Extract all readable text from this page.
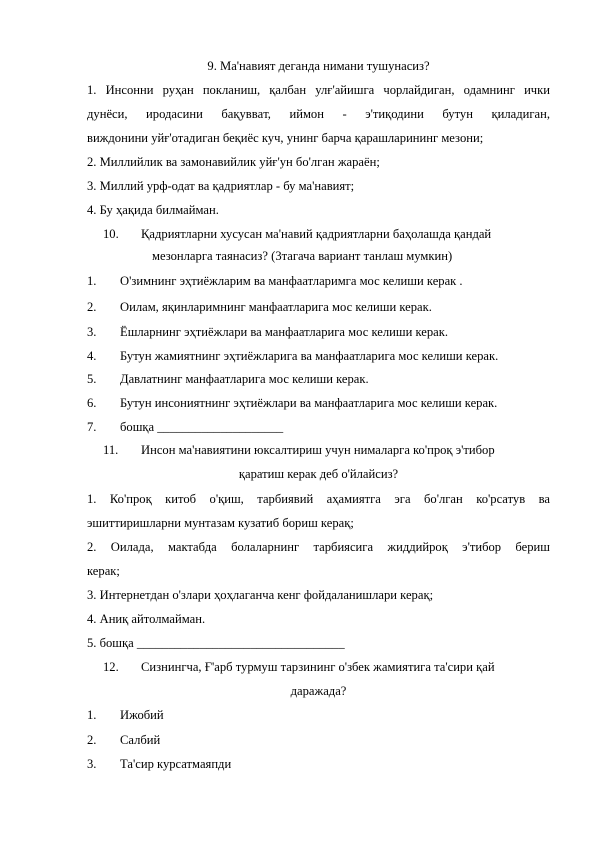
9. Ма'навият деганда нимани тушунасиз?
1. Инсонни руҳан покланиш, қалбан улғ'айишга чорлайдиган, одамнинг ички
дунёси, иродасини бақуввaт, иймон - э'тиқодини бутун қиладиган,
виждонини уйғ'отадиган беқиёс куч, унинг барча қарашларининг мезони;
2. Миллийлик ва замонавийлик уйғ'ун бо'лган жараён;
3. Миллий урф-одат ва қадриятлар - бу ма'навият;
4. Бу ҳақида билмайман.
10. Қадриятларни хусусан ма'навий қадриятларни баҳолашда қандай
мезонларга таянасиз? (3тагача вариант танлаш мумкин)
1. О'зимнинг эҳтиёжларим ва манфаатларимга мос келиши керак .
2. Оилам, яқинларимнинг манфаатларига мос келиши керак.
3. Ёшларнинг эҳтиёжлари ва манфаатларига мос келиши керак.
4. Бутун жамиятнинг эҳтиёжларига ва манфаатларига мос келиши керак.
5. Давлатнинг манфаатларига мос келиши керак.
6. Бутун инсониятнинг эҳтиёжлари ва манфаатларига мос келиши керак.
7. бошқа ____________________
11. Инсон ма'навиятини юксалтириш учун нималарга ко'проқ э'тибор
қаратиш керак деб о'йлайсиз?
1. Ко'проқ китоб о'қиш, тарбиявий аҳамиятга эга бо'лган ко'рсатув ва
эшиттиришларни мунтазам кузатиб бориш керақ;
2. Оилада, мактабда болаларнинг тарбиясига жиддийроқ э'тибор бериш
керак;
3. Интернетдан о'злари ҳоҳлаганча кенг фойдаланишлари керақ;
4. Аниқ айтолмайман.
5. бошқа _________________________________
12. Сизнингча, Ғ'арб турмуш тарзининг о'збек жамиятига та'сири қай
даражада?
1. Ижобий
2. Салбий
3. Та'сир курсатмаяпди
